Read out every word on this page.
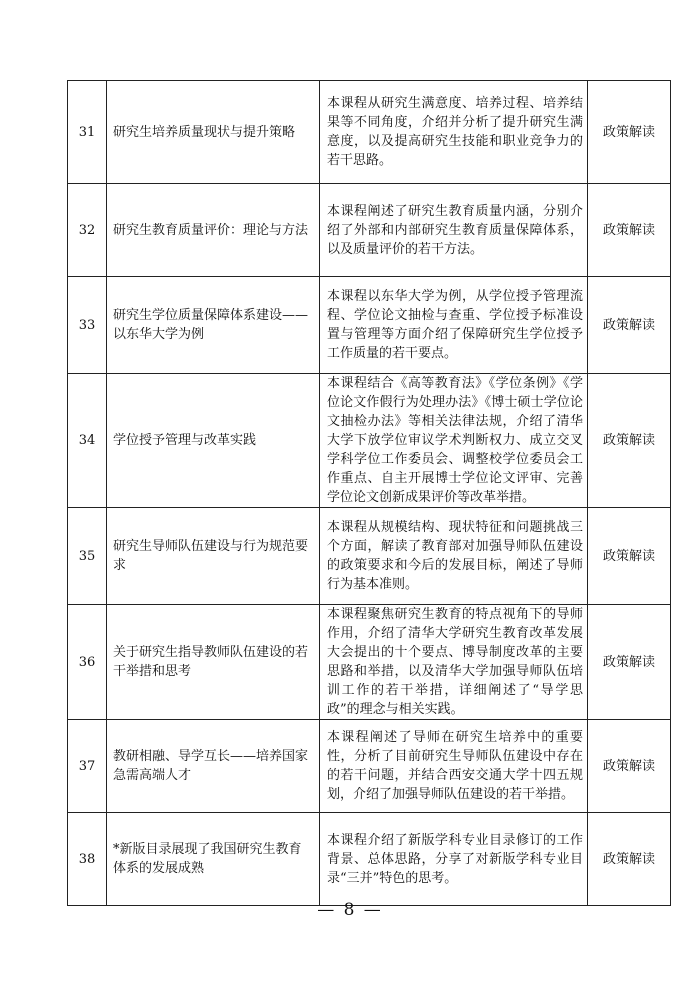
31	研究生培养质量现状与提升策略	本课程从研究生满意度、培养过程、培养结果等不同角度，介绍并分析了提升研究生满意度，以及提高研究生技能和职业竞争力的若干思路。	政策解读
32	研究生教育质量评价：理论与方法	本课程阐述了研究生教育质量内涵，分别介绍了外部和内部研究生教育质量保障体系，以及质量评价的若干方法。	政策解读
33	研究生学位质量保障体系建设——以东华大学为例	本课程以东华大学为例，从学位授予管理流程、学位论文抽检与查重、学位授予标准设置与管理等方面介绍了保障研究生学位授予工作质量的若干要点。	政策解读
34	学位授予管理与改革实践	本课程结合《高等教育法》《学位条例》《学位论文作假行为处理办法》《博士硕士学位论文抽检办法》等相关法律法规，介绍了清华大学下放学位审议学术判断权力、成立交叉学科学位工作委员会、调整校学位委员会工作重点、自主开展博士学位论文评审、完善学位论文创新成果评价等改革举措。	政策解读
35	研究生导师队伍建设与行为规范要求	本课程从规模结构、现状特征和问题挑战三个方面，解读了教育部对加强导师队伍建设的政策要求和今后的发展目标，阐述了导师行为基本准则。	政策解读
36	关于研究生指导教师队伍建设的若干举措和思考	本课程聚焦研究生教育的特点视角下的导师作用，介绍了清华大学研究生教育改革发展大会提出的十个要点、博导制度改革的主要思路和举措，以及清华大学加强导师队伍培训工作的若干举措，详细阐述了“导学思政”的理念与相关实践。	政策解读
37	教研相融、导学互长——培养国家急需高端人才	本课程阐述了导师在研究生培养中的重要性，分析了目前研究生导师队伍建设中存在的若干问题，并结合西安交通大学十四五规划，介绍了加强导师队伍建设的若干举措。	政策解读
38	*新版目录展现了我国研究生教育体系的发展成熟	本课程介绍了新版学科专业目录修订的工作背景、总体思路，分享了对新版学科专业目录“三并”特色的思考。	政策解读
— 8 —
